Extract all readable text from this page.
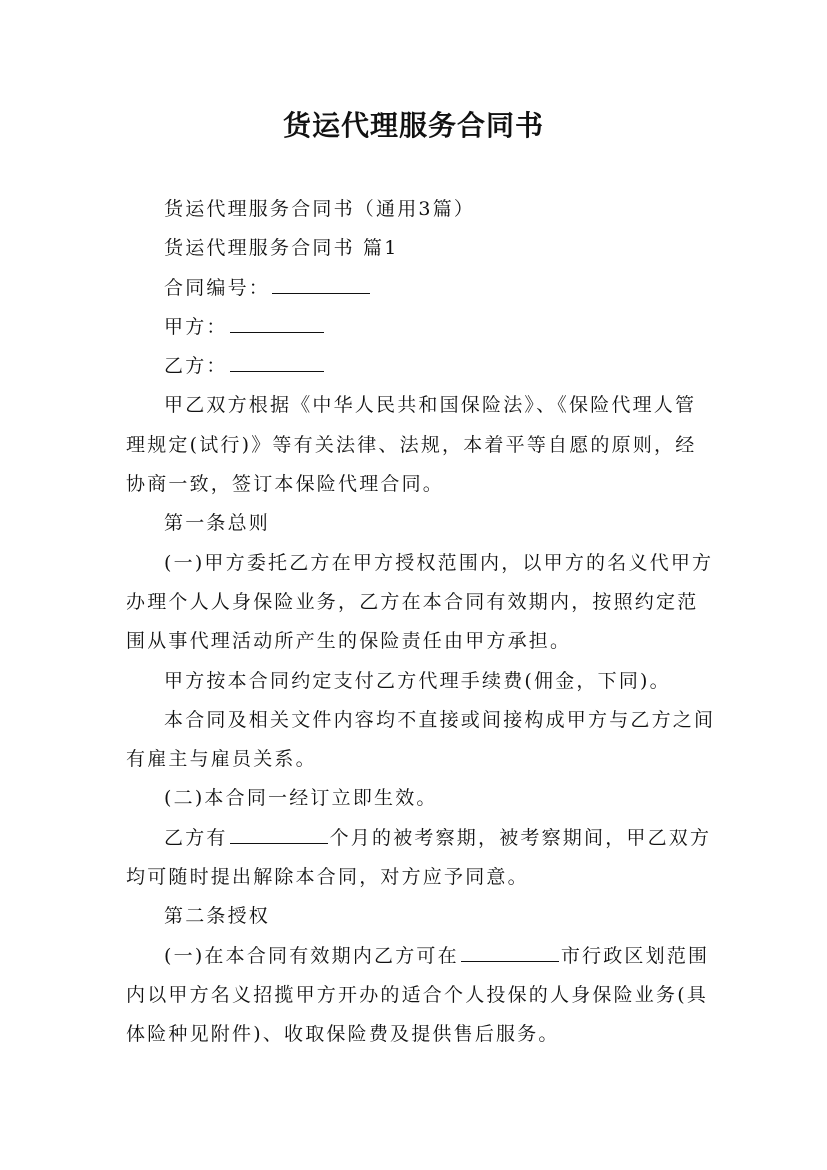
货运代理服务合同书

货运代理服务合同书（通用3篇）

货运代理服务合同书 篇1

合同编号：

甲方：

乙方：

甲乙双方根据《中华人民共和国保险法》、《保险代理人管理规定(试行)》等有关法律、法规，本着平等自愿的原则，经协商一致，签订本保险代理合同。

第一条总则

(一)甲方委托乙方在甲方授权范围内，以甲方的名义代甲方办理个人人身保险业务，乙方在本合同有效期内，按照约定范围从事代理活动所产生的保险责任由甲方承担。

甲方按本合同约定支付乙方代理手续费(佣金，下同)。

本合同及相关文件内容均不直接或间接构成甲方与乙方之间有雇主与雇员关系。

(二)本合同一经订立即生效。

乙方有	个月的被考察期，被考察期间，甲乙双方均可随时提出解除本合同，对方应予同意。

第二条授权

(一)在本合同有效期内乙方可在	市行政区划范围内以甲方名义招揽甲方开办的适合个人投保的人身保险业务(具体险种见附件)、收取保险费及提供售后服务。
